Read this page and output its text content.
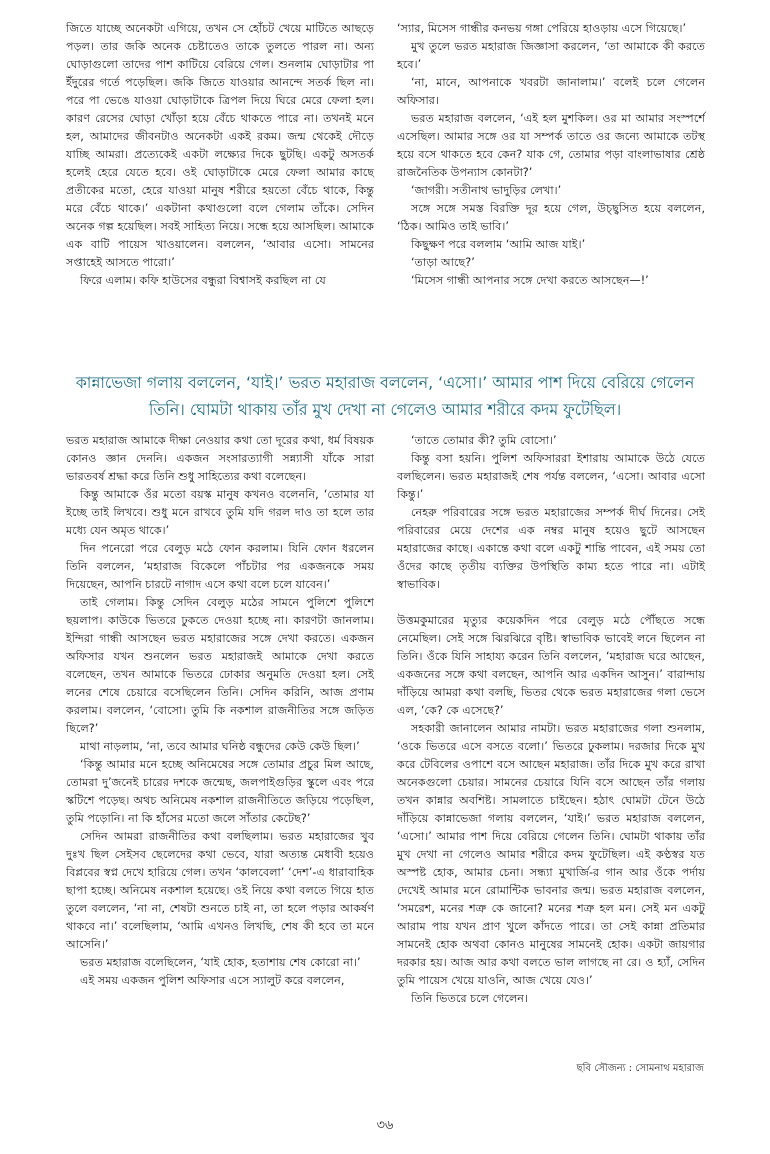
জিতে যাচ্ছে অনেকটা এগিয়ে, তখন সে হোঁচট খেয়ে মাটিতে আছড়ে পড়ল। তার জকি অনেক চেষ্টাতেও তাকে তুলতে পারল না। অন্য ঘোড়াগুলো তাদের পাশ কাটিয়ে বেরিয়ে গেল। শুনলাম ঘোড়াটার পা ইঁদুরের গর্তে পড়েছিল। জকি জিতে যাওয়ার আনন্দে সতর্ক ছিল না। পরে পা ভেঙে যাওয়া ঘোড়াটাকে ত্রিপল দিয়ে ঘিরে মেরে ফেলা হল। কারণ রেসের ঘোড়া খোঁড়া হয়ে বেঁচে থাকতে পারে না। তখনই মনে হল, আমাদের জীবনটাও অনেকটা একই রকম। জন্ম থেকেই দৌড়ে যাচ্ছি আমরা। প্রত্যেকেই একটা লক্ষ্যের দিকে ছুটছি। একটু অসতর্ক হলেই হেরে যেতে হবে। ওই ঘোড়াটাকে মেরে ফেলা আমার কাছে প্রতীকের মতো, হেরে যাওয়া মানুষ শরীরে হয়তো বেঁচে থাকে, কিন্তু মরে বেঁচে থাকে।’ একটানা কথাগুলো বলে গেলাম তাঁকে। সেদিন অনেক গল্প হয়েছিল। সবই সাহিত্য নিয়ে। সন্ধে হয়ে আসছিল। আমাকে এক বাটি পায়েস খাওয়ালেন। বললেন, ‘আবার এসো। সামনের সপ্তাহেই আসতে পারো।’

ফিরে এলাম। কফি হাউসের বন্ধুরা বিশ্বাসই করছিল না যে

‘স্যার, মিসেস গান্ধীর কনভয় গঙ্গা পেরিয়ে হাওড়ায় এসে গিয়েছে।’

মুখ তুলে ভরত মহারাজ জিজ্ঞাসা করলেন, ‘তা আমাকে কী করতে হবে।’

‘না, মানে, আপনাকে খবরটা জানালাম।’ বলেই চলে গেলেন অফিসার।

ভরত মহারাজ বললেন, ‘এই হল মুশকিল। ওর মা আমার সংস্পর্শে এসেছিল। আমার সঙ্গে ওর যা সম্পর্ক তাতে ওর জন্যে আমাকে তটস্থ হয়ে বসে থাকতে হবে কেন? যাক গে, তোমার পড়া বাংলাভাষার শ্রেষ্ঠ রাজনৈতিক উপন্যাস কোনটা?’

‘জাগরী। সতীনাথ ভাদুড়ির লেখা।’

সঙ্গে সঙ্গে সমস্ত বিরক্তি দূর হয়ে গেল, উচ্ছ্বসিত হয়ে বললেন, ‘ঠিক। আমিও তাই ভাবি।’

কিছুক্ষণ পরে বললাম ‘আমি আজ যাই।’

‘তাড়া আছে?’

‘মিসেস গান্ধী আপনার সঙ্গে দেখা করতে আসছেন—!’

কান্নাভেজা গলায় বললেন, ‘যাই।’ ভরত মহারাজ বললেন, ‘এসো।’ আমার পাশ দিয়ে বেরিয়ে গেলেন তিনি। ঘোমটা থাকায় তাঁর মুখ দেখা না গেলেও আমার শরীরে কদম ফুটেছিল।

ভরত মহারাজ আমাকে দীক্ষা নেওয়ার কথা তো দূরের কথা, ধর্ম বিষয়ক কোনও জ্ঞান দেননি। একজন সংসারত্যাগী সন্ন্যাসী যাঁকে সারা ভারতবর্ষ শ্রদ্ধা করে তিনি শুধু সাহিত্যের কথা বলেছেন।

কিন্তু আমাকে ওঁর মতো বয়স্ক মানুষ কখনও বলেননি, ‘তোমার যা ইচ্ছে তাই লিখবে। শুধু মনে রাখবে তুমি যদি গরল দাও তা হলে তার মধ্যে যেন অমৃত থাকে।’

দিন পনেরো পরে বেলুড় মঠে ফোন করলাম। যিনি ফোন ধরলেন তিনি বললেন, ‘মহারাজ বিকেলে পাঁচটার পর একজনকে সময় দিয়েছেন, আপনি চারটে নাগাদ এসে কথা বলে চলে যাবেন।’

তাই গেলাম। কিন্তু সেদিন বেলুড় মঠের সামনে পুলিশে পুলিশে ছয়লাপ। কাউকে ভিতরে ঢুকতে দেওয়া হচ্ছে না। কারণটা জানলাম। ইন্দিরা গান্ধী আসছেন ভরত মহারাজের সঙ্গে দেখা করতে। একজন অফিসার যখন শুনলেন ভরত মহারাজই আমাকে দেখা করতে বলেছেন, তখন আমাকে ভিতরে ঢোকার অনুমতি দেওয়া হল। সেই লনের শেষে চেয়ারে বসেছিলেন তিনি। সেদিন করিনি, আজ প্রণাম করলাম। বললেন, ‘বোসো। তুমি কি নকশাল রাজনীতির সঙ্গে জড়িত ছিলে?’

মাথা নাড়লাম, ‘না, তবে আমার ঘনিষ্ঠ বন্ধুদের কেউ কেউ ছিল।’

‘কিন্তু আমার মনে হচ্ছে অনিমেষের সঙ্গে তোমার প্রচুর মিল আছে, তোমরা দু’জনেই চারের দশকে জন্মেছ, জলপাইগুড়ির স্কুলে এবং পরে স্কটিশে পড়েছ। অথচ অনিমেষ নকশাল রাজনীতিতে জড়িয়ে পড়েছিল, তুমি পড়োনি। না কি হাঁসের মতো জলে সাঁতার কেটেছ?’

সেদিন আমরা রাজনীতির কথা বলছিলাম। ভরত মহারাজের খুব দুঃখ ছিল সেইসব ছেলেদের কথা ভেবে, যারা অত্যন্ত মেধাবী হয়েও বিপ্লবের স্বপ্ন দেখে হারিয়ে গেল। তখন ‘কালবেলা’ ‘দেশ’-এ ধারাবাহিক ছাপা হচ্ছে। অনিমেষ নকশাল হয়েছে। ওই নিয়ে কথা বলতে গিয়ে হাত তুলে বললেন, ‘না না, শেষটা শুনতে চাই না, তা হলে পড়ার আকর্ষণ থাকবে না।’ বলেছিলাম, ‘আমি এখনও লিখছি, শেষ কী হবে তা মনে আসেনি।’

ভরত মহারাজ বলেছিলেন, ‘যাই হোক, হতাশায় শেষ কোরো না।’

এই সময় একজন পুলিশ অফিসার এসে স্যালুট করে বললেন,

‘তাতে তোমার কী? তুমি বোসো।’

কিন্তু বসা হয়নি। পুলিশ অফিসাররা ইশারায় আমাকে উঠে যেতে বলছিলেন। ভরত মহারাজই শেষ পর্যন্ত বললেন, ‘এসো। আবার এসো কিন্তু।’

নেহরু পরিবারের সঙ্গে ভরত মহারাজের সম্পর্ক দীর্ঘ দিনের। সেই পরিবারের মেয়ে দেশের এক নম্বর মানুষ হয়েও ছুটে আসছেন মহারাজের কাছে। একান্তে কথা বলে একটু শান্তি পাবেন, এই সময় তো ওঁদের কাছে তৃতীয় ব্যক্তির উপস্থিতি কাম্য হতে পারে না। এটাই স্বাভাবিক।

উত্তমকুমারের মৃত্যুর কয়েকদিন পরে বেলুড় মঠে পৌঁছতে সন্ধে নেমেছিল। সেই সঙ্গে ঝিরঝিরে বৃষ্টি। স্বাভাবিক ভাবেই লনে ছিলেন না তিনি। ওঁকে যিনি সাহায্য করেন তিনি বললেন, ‘মহারাজ ঘরে আছেন, একজনের সঙ্গে কথা বলছেন, আপনি আর একদিন আসুন।’ বারান্দায় দাঁড়িয়ে আমরা কথা বলছি, ভিতর থেকে ভরত মহারাজের গলা ভেসে এল, ‘কে? কে এসেছে?’

সহকারী জানালেন আমার নামটা। ভরত মহারাজের গলা শুনলাম, ‘ওকে ভিতরে এসে বসতে বলো।’ ভিতরে ঢুকলাম। দরজার দিকে মুখ করে টেবিলের ওপাশে বসে আছেন মহারাজ। তাঁর দিকে মুখ করে রাখা অনেকগুলো চেয়ার। সামনের চেয়ারে যিনি বসে আছেন তাঁর গলায় তখন কান্নার অবশিষ্ট। সামলাতে চাইছেন। হঠাৎ ঘোমটা টেনে উঠে দাঁড়িয়ে কান্নাভেজা গলায় বললেন, ‘যাই।’ ভরত মহারাজ বললেন, ‘এসো।’ আমার পাশ দিয়ে বেরিয়ে গেলেন তিনি। ঘোমটা থাকায় তাঁর মুখ দেখা না গেলেও আমার শরীরে কদম ফুটেছিল। এই কণ্ঠস্বর যত অস্পষ্ট হোক, আমার চেনা। সন্ধ্যা মুখার্জি-র গান আর ওঁকে পর্দায় দেখেই আমার মনে রোমান্টিক ভাবনার জন্ম। ভরত মহারাজ বললেন, ‘সমরেশ, মনের শত্রু কে জানো? মনের শত্রু হল মন। সেই মন একটু আরাম পায় যখন প্রাণ খুলে কাঁদতে পারে। তা সেই কান্না প্রতিমার সামনেই হোক অথবা কোনও মানুষের সামনেই হোক। একটা জায়গার দরকার হয়। আজ আর কথা বলতে ভাল লাগছে না রে। ও হ্যাঁ, সেদিন তুমি পায়েস খেয়ে যাওনি, আজ খেয়ে যেও।’

তিনি ভিতরে চলে গেলেন।

ছবি সৌজন্য : সোমনাথ মহারাজ
৩৬
